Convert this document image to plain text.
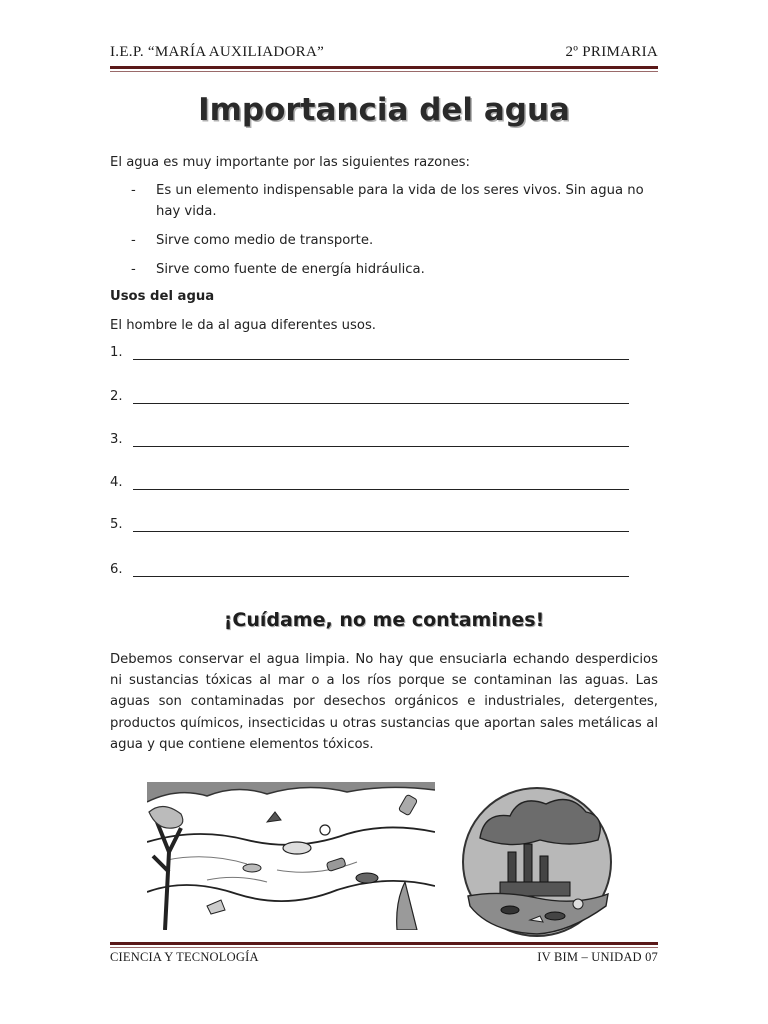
I.E.P. “MARÍA AUXILIADORA”	2º PRIMARIA
Importancia del agua
El agua es muy importante por las siguientes razones:
- Es un elemento indispensable para la vida de los seres vivos. Sin agua no hay vida.
- Sirve como medio de transporte.
- Sirve como fuente de energía hidráulica.
Usos del agua
El hombre le da al agua diferentes usos.
1.
2.
3.
4.
5.
6.
¡Cuídame, no me contamines!
Debemos conservar el agua limpia. No hay que ensuciarla echando desperdicios ni sustancias tóxicas al mar o a los ríos porque se contaminan las aguas. Las aguas son contaminadas por desechos orgánicos e industriales, detergentes, productos químicos, insecticidas u otras sustancias que aportan sales metálicas al agua y que contiene elementos tóxicos.
CIENCIA Y TECNOLOGÍA	IV BIM – UNIDAD 07
